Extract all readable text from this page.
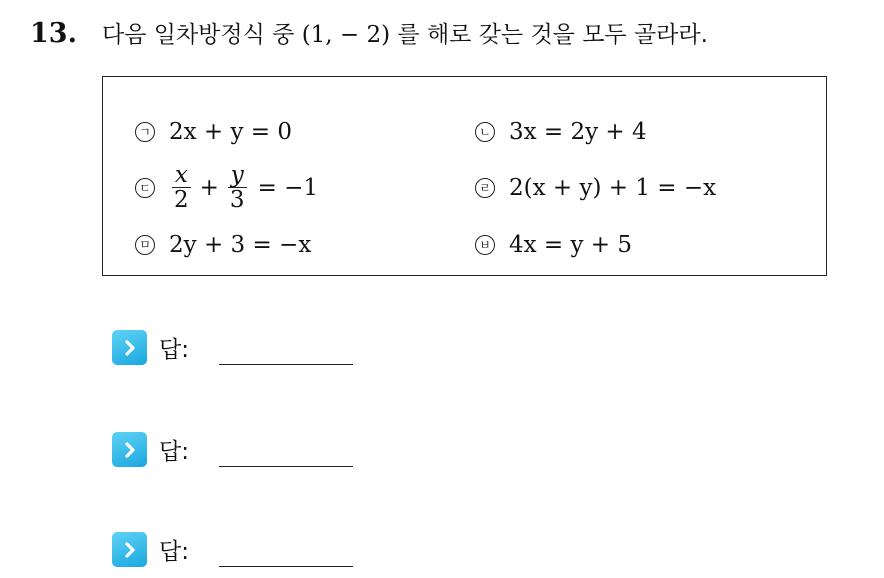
13.	다음 일차방정식 중 (1, − 2) 를 해로 갖는 것을 모두 골라라.
ㄱ 2x + y = 0	ㄴ 3x = 2y + 4
ㄷ $\frac{x}{2} + \frac{y}{3} = -1$	ㄹ 2(x + y) + 1 = −x
ㅁ 2y + 3 = −x	ㅂ 4x = y + 5
답:
답:
답:
